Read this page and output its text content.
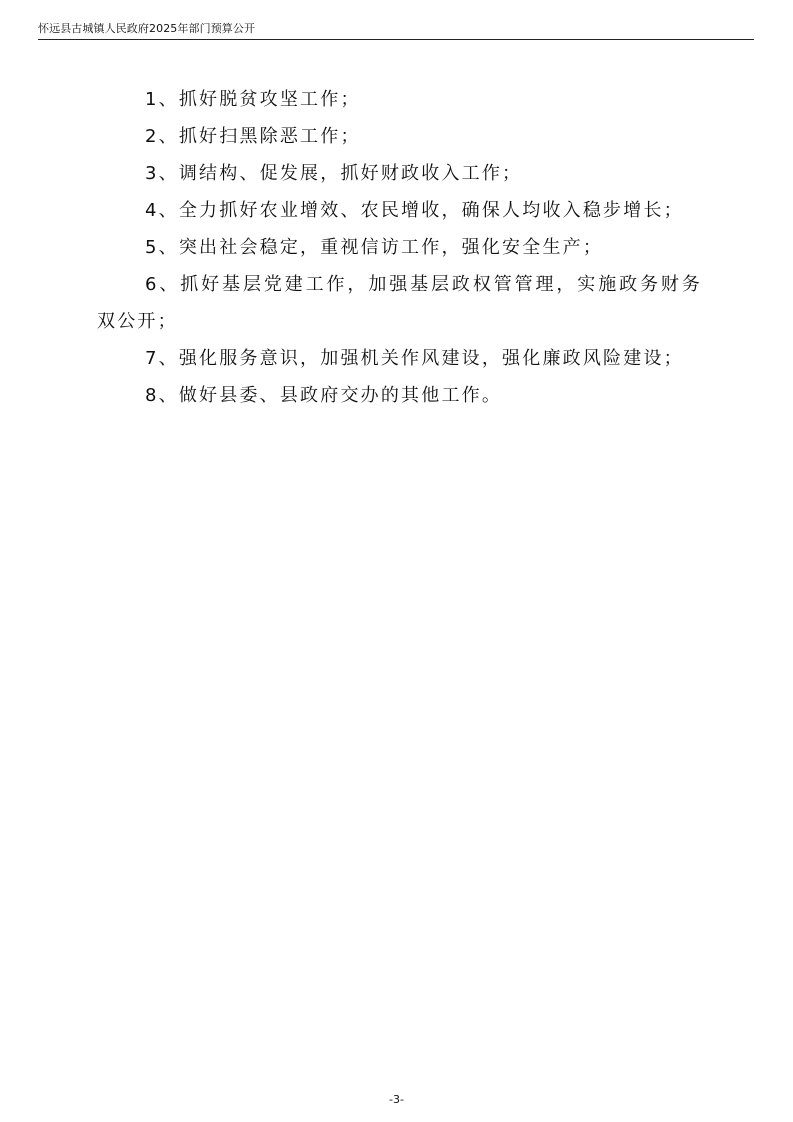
怀远县古城镇人民政府2025年部门预算公开

1、抓好脱贫攻坚工作；

2、抓好扫黑除恶工作；

3、调结构、促发展，抓好财政收入工作；

4、全力抓好农业增效、农民增收，确保人均收入稳步增长；

5、突出社会稳定，重视信访工作，强化安全生产；

6、抓好基层党建工作，加强基层政权管管理，实施政务财务双公开；

7、强化服务意识，加强机关作风建设，强化廉政风险建设；

8、做好县委、县政府交办的其他工作。

-3-
